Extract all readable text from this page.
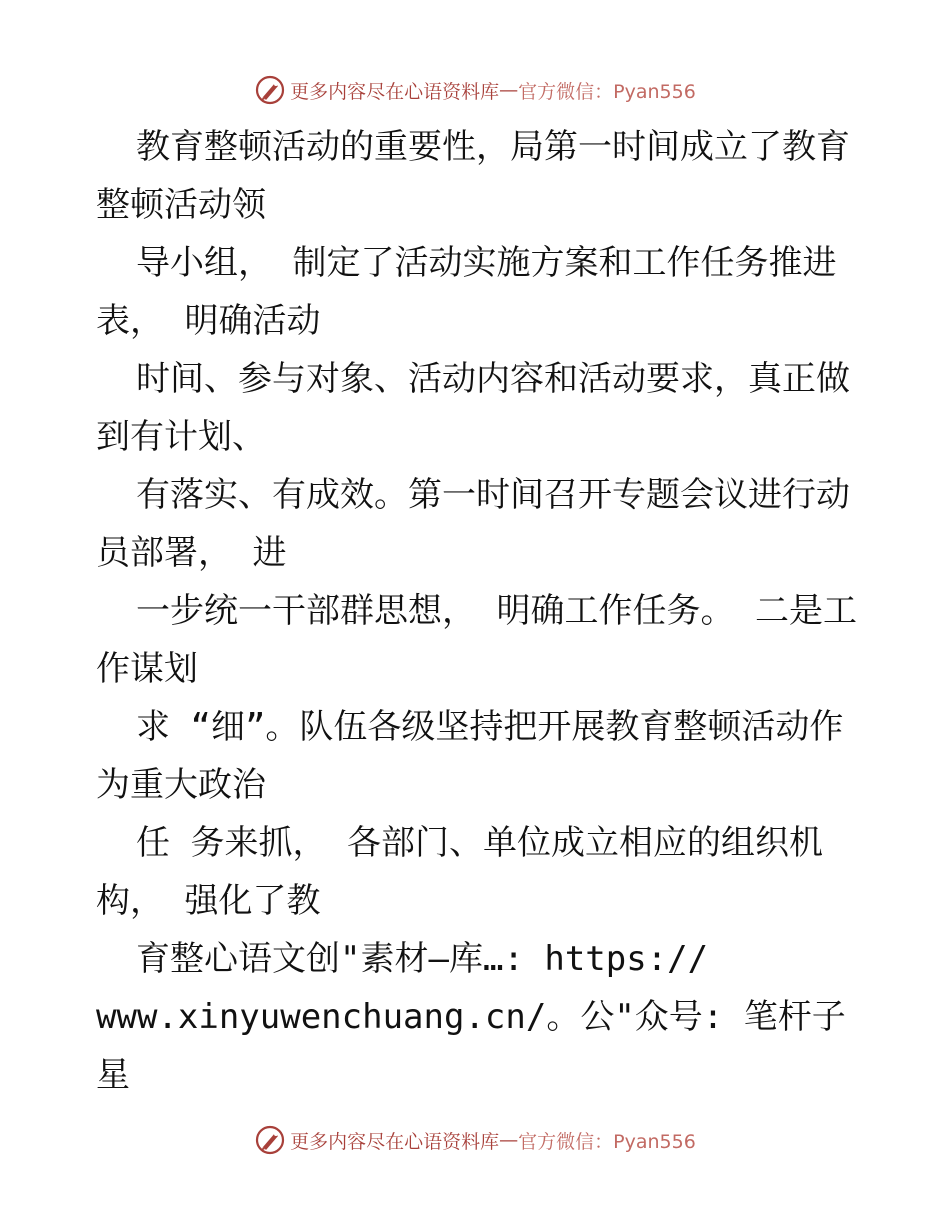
更多内容尽在心语资料库 — 官方微信：Pyan556

教育整顿活动的重要性，局第一时间成立了教育整顿活动领

导小组， 制定了活动实施方案和工作任务推进表， 明确活动

时间、参与对象、活动内容和活动要求，真正做到有计划、

有落实、有成效。第一时间召开专题会议进行动员部署， 进

一步统一干部群思想， 明确工作任务。 二是工作谋划

求 “细”。队伍各级坚持把开展教育整顿活动作为重大政治

任 务来抓， 各部门、单位成立相应的组织机构， 强化了教

育整心语文创"素材—库…: https://

www.xinyuwenchuang.cn/。公"众号: 笔杆子星

更多内容尽在心语资料库 — 官方微信：Pyan556
